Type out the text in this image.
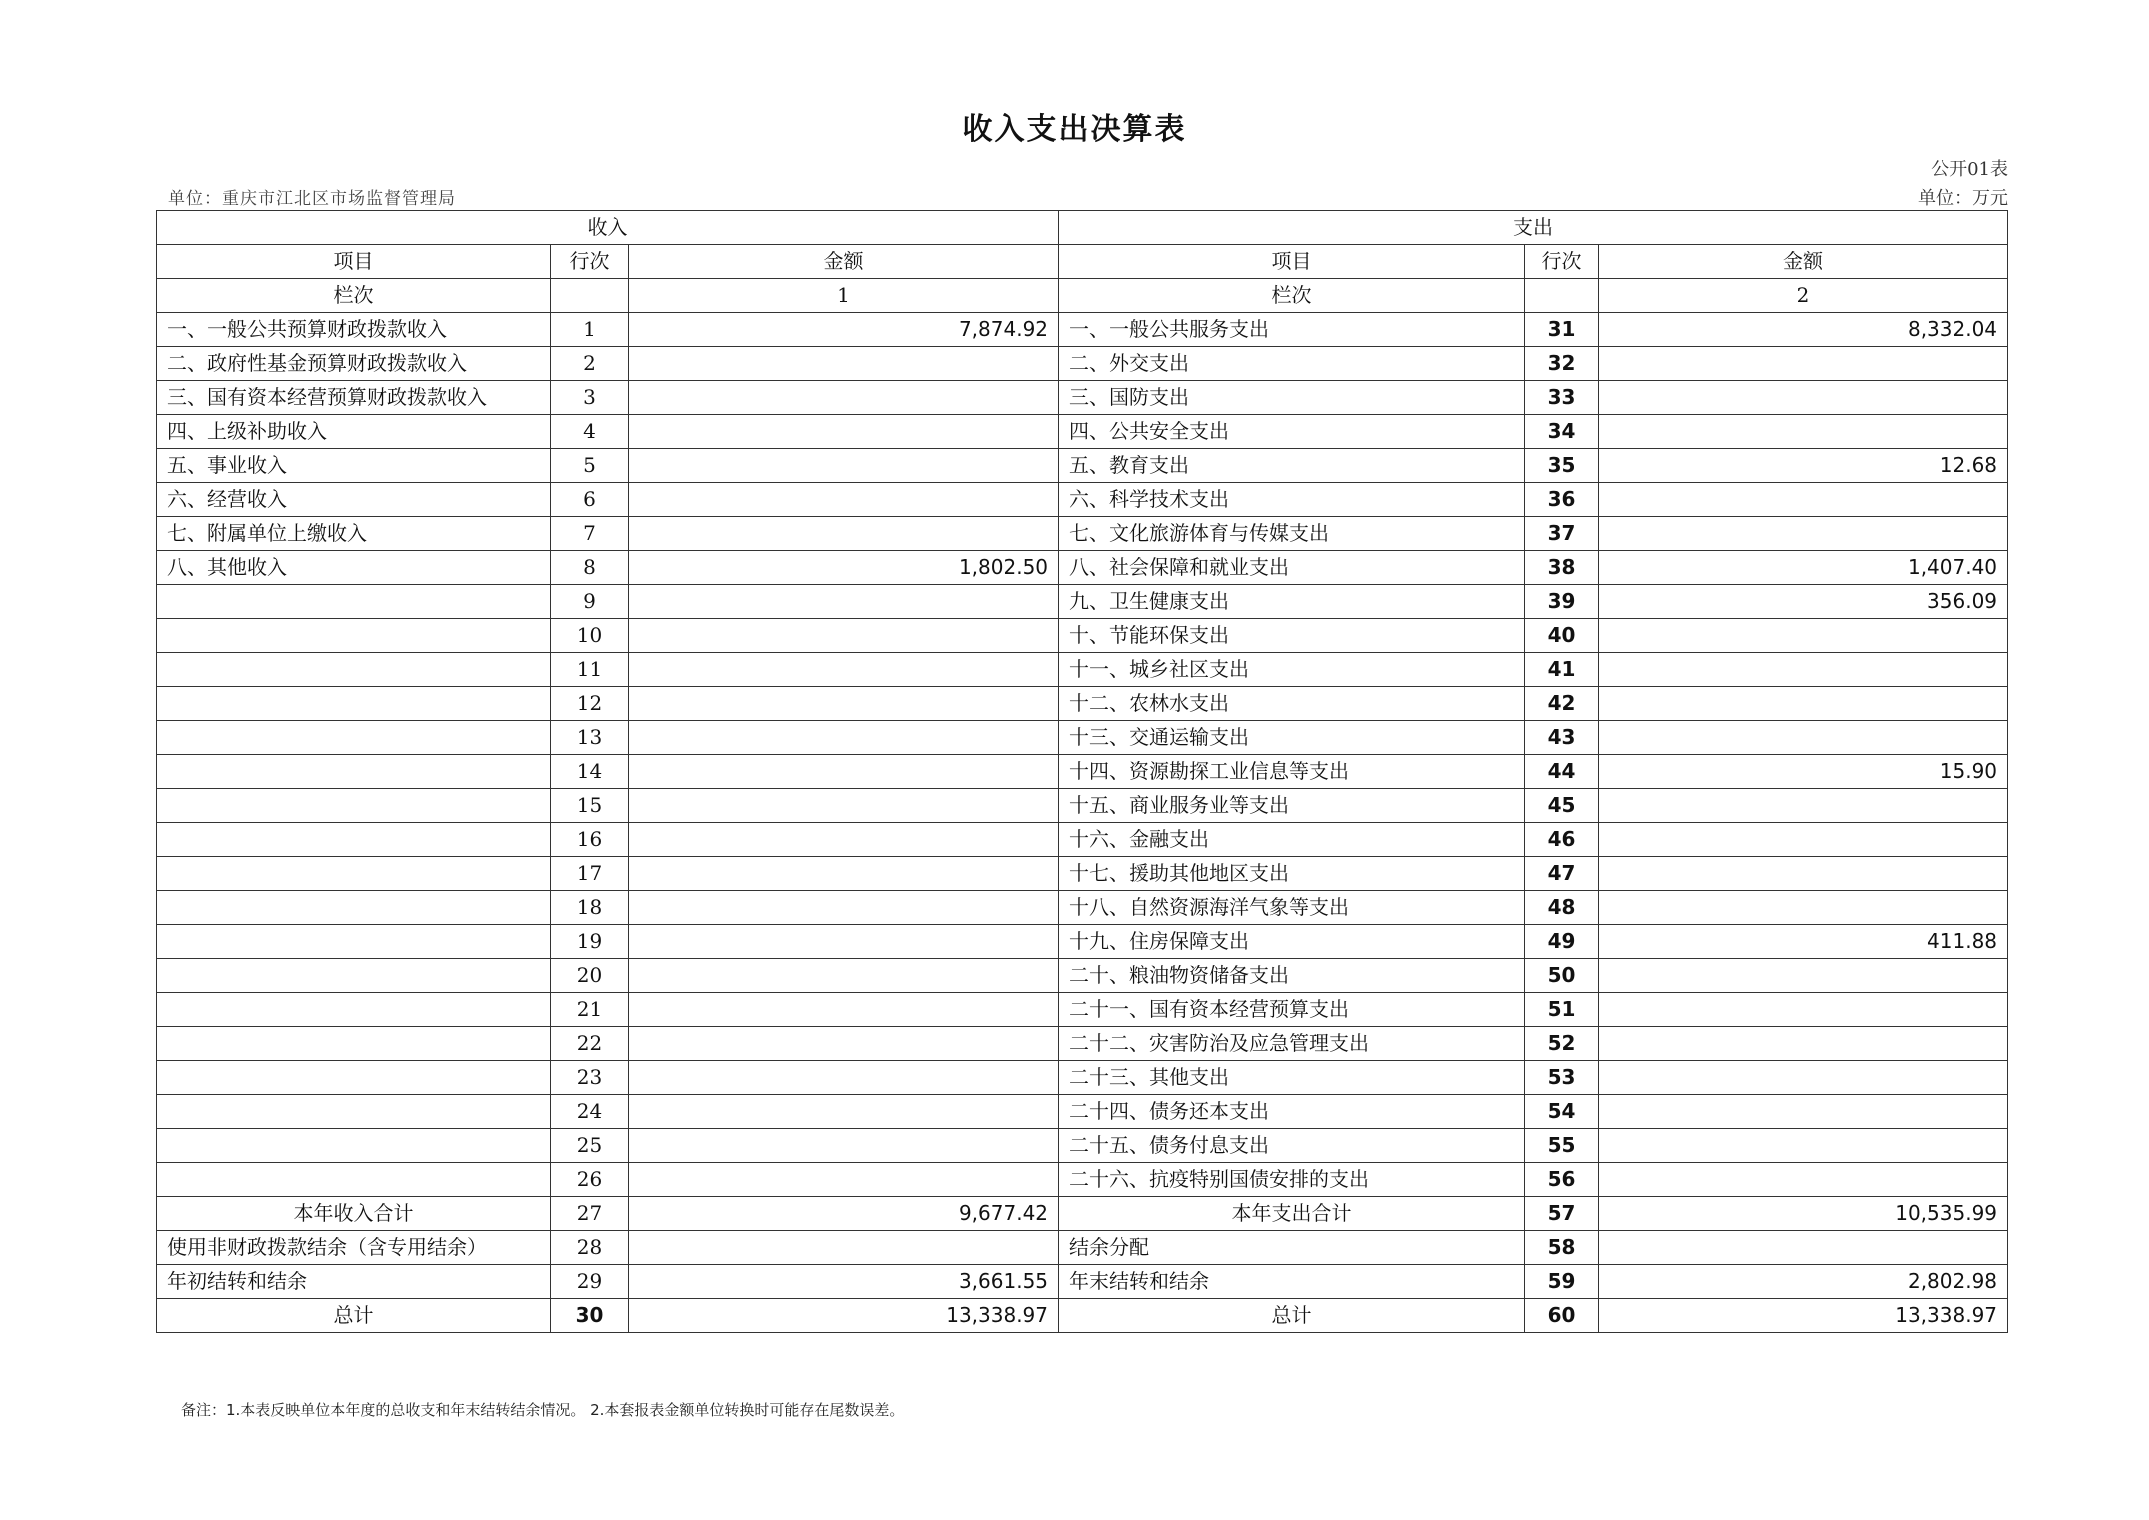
收入支出决算表
公开01表
单位：重庆市江北区市场监督管理局	单位：万元
收入			支出		
项目	行次	金额	项目	行次	金额
栏次		1	栏次		2
一、一般公共预算财政拨款收入	1	7,874.92	一、一般公共服务支出	31	8,332.04
二、政府性基金预算财政拨款收入	2		二、外交支出	32	
三、国有资本经营预算财政拨款收入	3		三、国防支出	33	
四、上级补助收入	4		四、公共安全支出	34	
五、事业收入	5		五、教育支出	35	12.68
六、经营收入	6		六、科学技术支出	36	
七、附属单位上缴收入	7		七、文化旅游体育与传媒支出	37	
八、其他收入	8	1,802.50	八、社会保障和就业支出	38	1,407.40
	9		九、卫生健康支出	39	356.09
	10		十、节能环保支出	40	
	11		十一、城乡社区支出	41	
	12		十二、农林水支出	42	
	13		十三、交通运输支出	43	
	14		十四、资源勘探工业信息等支出	44	15.90
	15		十五、商业服务业等支出	45	
	16		十六、金融支出	46	
	17		十七、援助其他地区支出	47	
	18		十八、自然资源海洋气象等支出	48	
	19		十九、住房保障支出	49	411.88
	20		二十、粮油物资储备支出	50	
	21		二十一、国有资本经营预算支出	51	
	22		二十二、灾害防治及应急管理支出	52	
	23		二十三、其他支出	53	
	24		二十四、债务还本支出	54	
	25		二十五、债务付息支出	55	
	26		二十六、抗疫特别国债安排的支出	56	
本年收入合计	27	9,677.42	本年支出合计	57	10,535.99
使用非财政拨款结余（含专用结余）	28		结余分配	58	
年初结转和结余	29	3,661.55	年末结转和结余	59	2,802.98
总计	30	13,338.97	总计	60	13,338.97
备注：1.本表反映单位本年度的总收支和年末结转结余情况。 2.本套报表金额单位转换时可能存在尾数误差。
